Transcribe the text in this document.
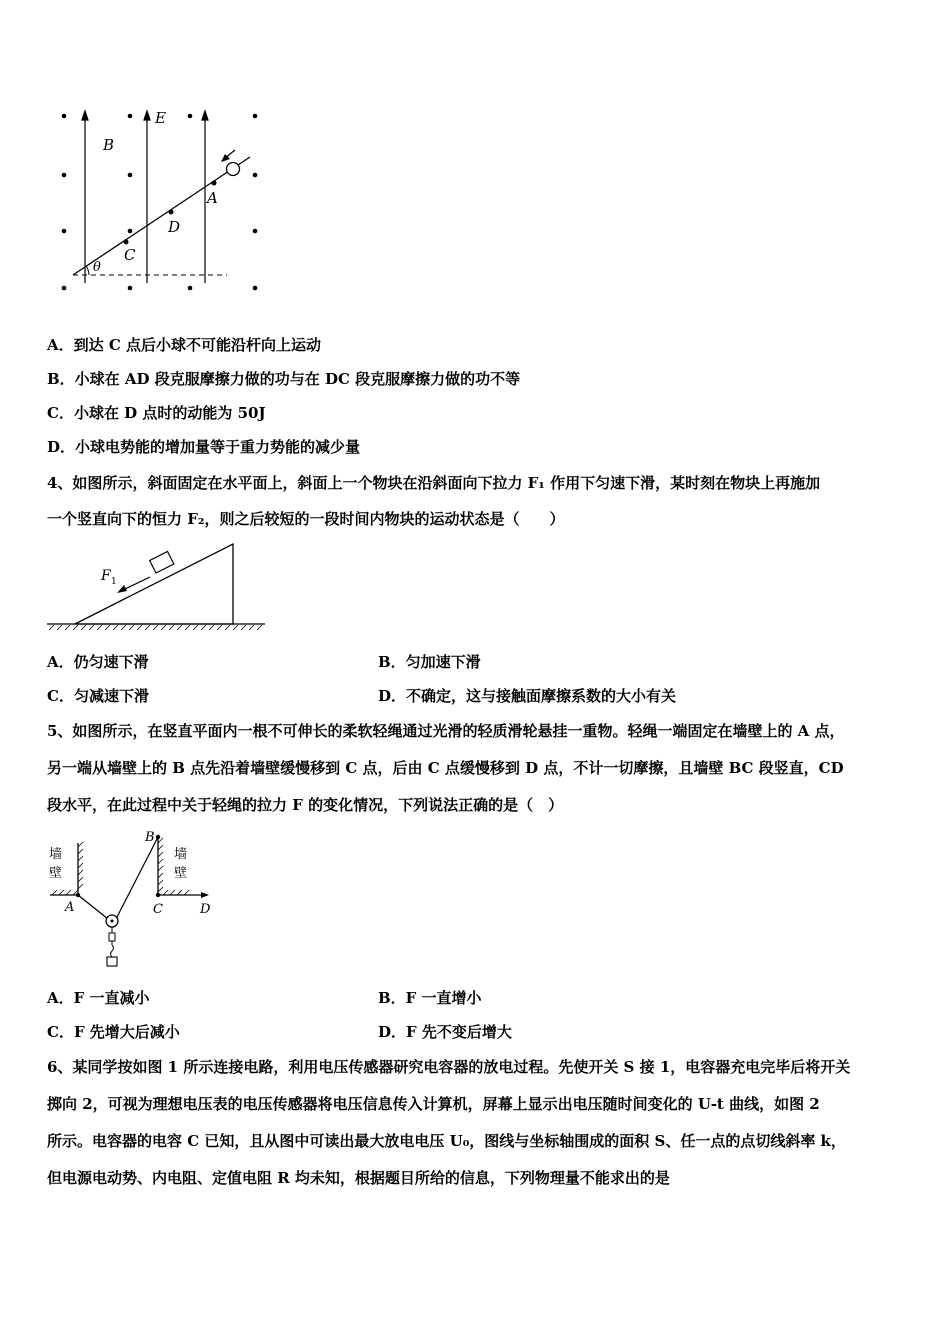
B
E
A
D
C
θ
A．到达 C 点后小球不可能沿杆向上运动
B．小球在 AD 段克服摩擦力做的功与在 DC 段克服摩擦力做的功不等
C．小球在 D 点时的动能为 50J
D．小球电势能的增加量等于重力势能的减少量
4、如图所示，斜面固定在水平面上，斜面上一个物块在沿斜面向下拉力 F₁ 作用下匀速下滑，某时刻在物块上再施加
一个竖直向下的恒力 F₂，则之后较短的一段时间内物块的运动状态是（　　）
F 1
A．仍匀速下滑	B．匀加速下滑
C．匀减速下滑	D．不确定，这与接触面摩擦系数的大小有关
5、如图所示，在竖直平面内一根不可伸长的柔软轻绳通过光滑的轻质滑轮悬挂一重物。轻绳一端固定在墙壁上的 A 点，
另一端从墙壁上的 B 点先沿着墙壁缓慢移到 C 点，后由 C 点缓慢移到 D 点，不计一切摩擦，且墙壁 BC 段竖直，CD
段水平，在此过程中关于轻绳的拉力 F 的变化情况，下列说法正确的是（　）
墙
壁
墙
壁
A
B
C	D
A．F 一直减小	B．F 一直增小
C．F 先增大后减小	D．F 先不变后增大
6、某同学按如图 1 所示连接电路，利用电压传感器研究电容器的放电过程。先使开关 S 接 1，电容器充电完毕后将开关
掷向 2，可视为理想电压表的电压传感器将电压信息传入计算机，屏幕上显示出电压随时间变化的 U-t 曲线，如图 2
所示。电容器的电容 C 已知，且从图中可读出最大放电电压 U₀，图线与坐标轴围成的面积 S、任一点的点切线斜率 k，
但电源电动势、内电阻、定值电阻 R 均未知，根据题目所给的信息，下列物理量不能求出的是
